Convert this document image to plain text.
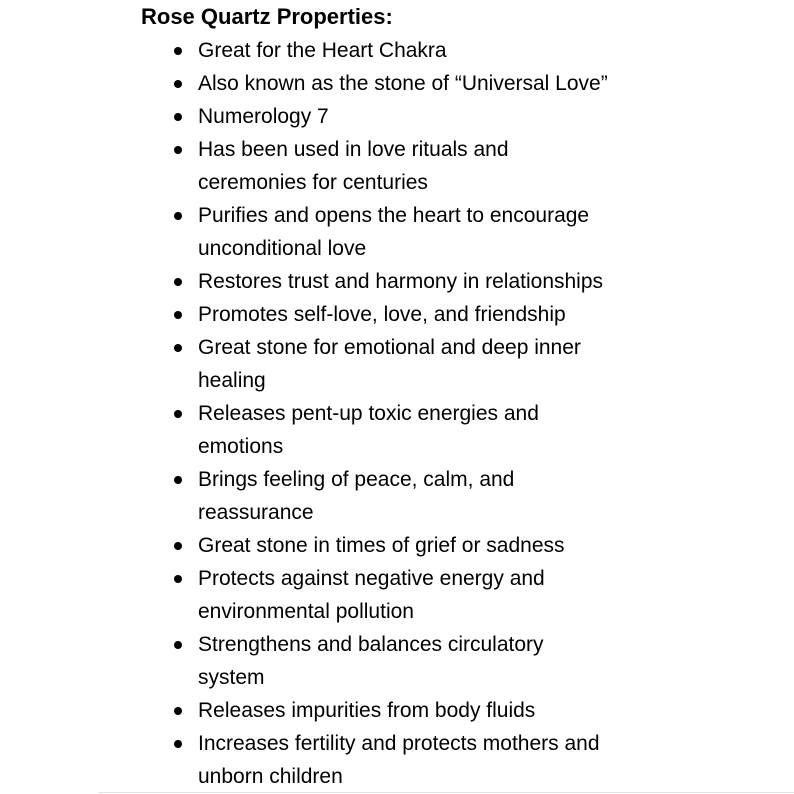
Rose Quartz Properties:
Great for the Heart Chakra
Also known as the stone of “Universal Love”
Numerology 7
Has been used in love rituals and
ceremonies for centuries
Purifies and opens the heart to encourage
unconditional love
Restores trust and harmony in relationships
Promotes self-love, love, and friendship
Great stone for emotional and deep inner
healing
Releases pent-up toxic energies and
emotions
Brings feeling of peace, calm, and
reassurance
Great stone in times of grief or sadness
Protects against negative energy and
environmental pollution
Strengthens and balances circulatory
system
Releases impurities from body fluids
Increases fertility and protects mothers and
unborn children
